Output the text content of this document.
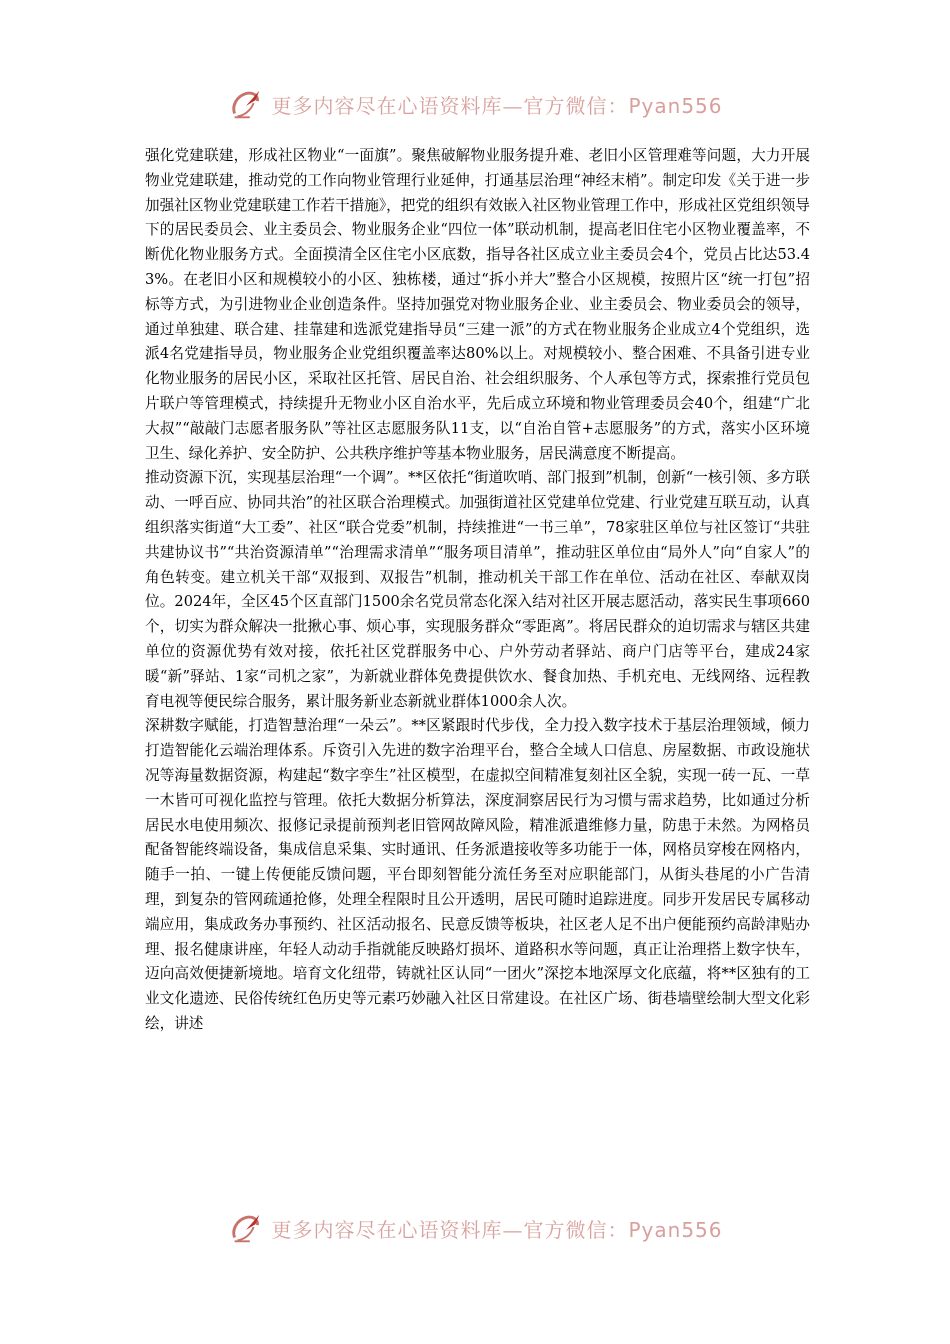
更多内容尽在心语资料库—官方微信：Pyan556

强化党建联建，形成社区物业“一面旗”。聚焦破解物业服务提升难、老旧小区管理难等问题，大力开展物业党建联建，推动党的工作向物业管理行业延伸，打通基层治理“神经末梢”。制定印发《关于进一步加强社区物业党建联建工作若干措施》，把党的组织有效嵌入社区物业管理工作中，形成社区党组织领导下的居民委员会、业主委员会、物业服务企业“四位一体”联动机制，提高老旧住宅小区物业覆盖率，不断优化物业服务方式。全面摸清全区住宅小区底数，指导各社区成立业主委员会4个，党员占比达53.43%。在老旧小区和规模较小的小区、独栋楼，通过“拆小并大”整合小区规模，按照片区“统一打包”招标等方式，为引进物业企业创造条件。坚持加强党对物业服务企业、业主委员会、物业委员会的领导，通过单独建、联合建、挂靠建和选派党建指导员“三建一派”的方式在物业服务企业成立4个党组织，选派4名党建指导员，物业服务企业党组织覆盖率达80%以上。对规模较小、整合困难、不具备引进专业化物业服务的居民小区，采取社区托管、居民自治、社会组织服务、个人承包等方式，探索推行党员包片联户等管理模式，持续提升无物业小区自治水平，先后成立环境和物业管理委员会40个，组建“广北大叔”“敲敲门志愿者服务队”等社区志愿服务队11支，以“自治自管+志愿服务”的方式，落实小区环境卫生、绿化养护、安全防护、公共秩序维护等基本物业服务，居民满意度不断提高。

推动资源下沉，实现基层治理“一个调”。**区依托“街道吹哨、部门报到”机制，创新“一核引领、多方联动、一呼百应、协同共治”的社区联合治理模式。加强街道社区党建单位党建、行业党建互联互动，认真组织落实街道“大工委”、社区“联合党委”机制，持续推进“一书三单”，78家驻区单位与社区签订“共驻共建协议书”“共治资源清单”“治理需求清单”“服务项目清单”，推动驻区单位由“局外人”向“自家人”的角色转变。建立机关干部“双报到、双报告”机制，推动机关干部工作在单位、活动在社区、奉献双岗位。2024年，全区45个区直部门1500余名党员常态化深入结对社区开展志愿活动，落实民生事项660个，切实为群众解决一批揪心事、烦心事，实现服务群众“零距离”。将居民群众的迫切需求与辖区共建单位的资源优势有效对接，依托社区党群服务中心、户外劳动者驿站、商户门店等平台，建成24家暖“新”驿站、1家“司机之家”，为新就业群体免费提供饮水、餐食加热、手机充电、无线网络、远程教育电视等便民综合服务，累计服务新业态新就业群体1000余人次。

深耕数字赋能，打造智慧治理“一朵云”。**区紧跟时代步伐，全力投入数字技术于基层治理领域，倾力打造智能化云端治理体系。斥资引入先进的数字治理平台，整合全域人口信息、房屋数据、市政设施状况等海量数据资源，构建起“数字孪生”社区模型，在虚拟空间精准复刻社区全貌，实现一砖一瓦、一草一木皆可可视化监控与管理。依托大数据分析算法，深度洞察居民行为习惯与需求趋势，比如通过分析居民水电使用频次、报修记录提前预判老旧管网故障风险，精准派遣维修力量，防患于未然。为网格员配备智能终端设备，集成信息采集、实时通讯、任务派遣接收等多功能于一体，网格员穿梭在网格内，随手一拍、一键上传便能反馈问题，平台即刻智能分流任务至对应职能部门，从街头巷尾的小广告清理，到复杂的管网疏通抢修，处理全程限时且公开透明，居民可随时追踪进度。同步开发居民专属移动端应用，集成政务办事预约、社区活动报名、民意反馈等板块，社区老人足不出户便能预约高龄津贴办理、报名健康讲座，年轻人动动手指就能反映路灯损坏、道路积水等问题，真正让治理搭上数字快车，迈向高效便捷新境地。培育文化纽带，铸就社区认同“一团火”深挖本地深厚文化底蕴，将**区独有的工业文化遗迹、民俗传统红色历史等元素巧妙融入社区日常建设。在社区广场、街巷墙壁绘制大型文化彩绘，讲述

更多内容尽在心语资料库—官方微信：Pyan556
